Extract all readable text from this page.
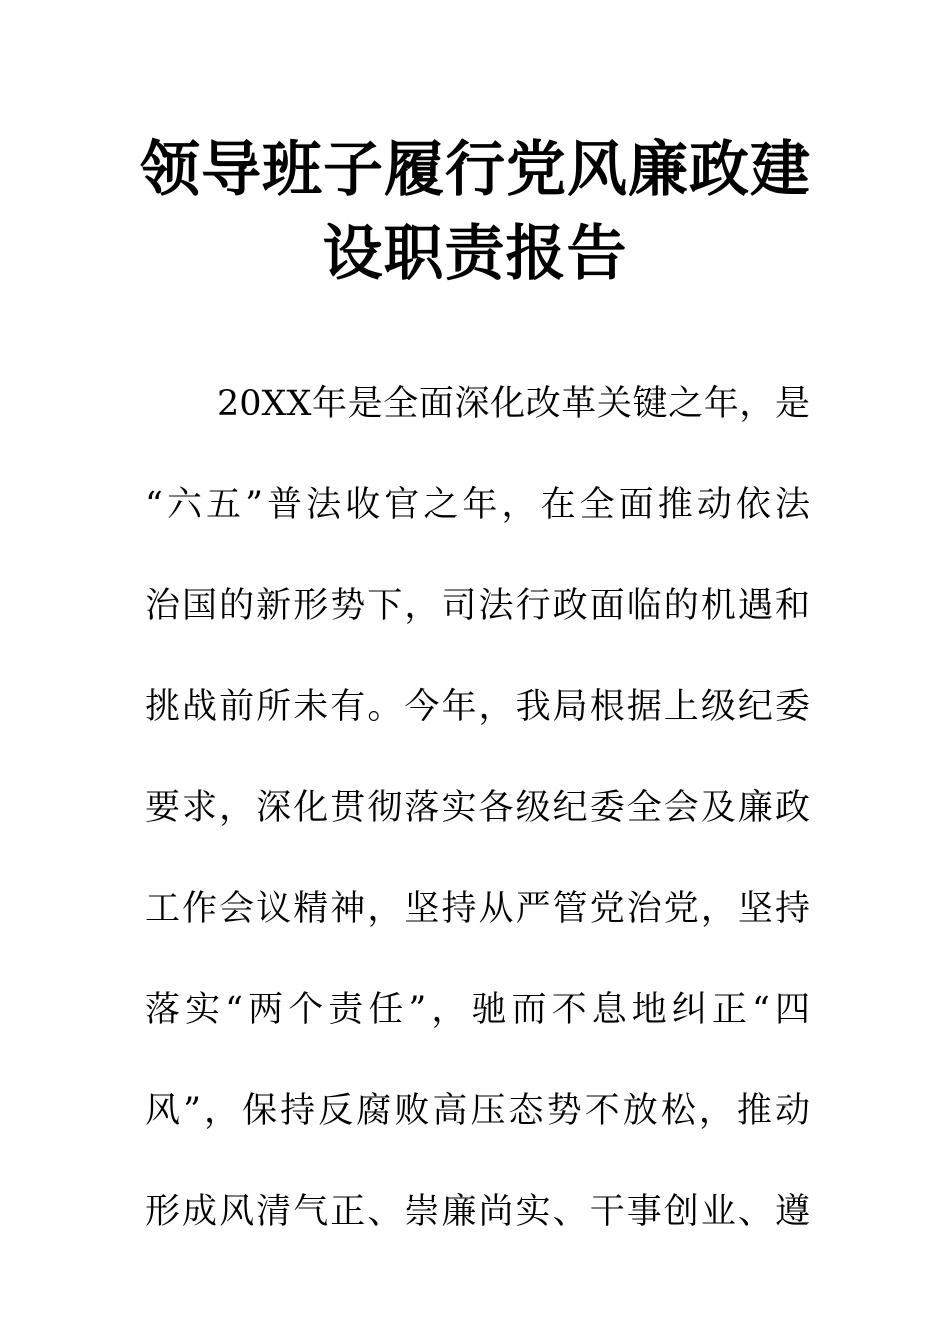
领导班子履行党风廉政建
设职责报告
20XX年是全面深化改革关键之年，是
“六五”普法收官之年，在全面推动依法
治国的新形势下，司法行政面临的机遇和
挑战前所未有。今年，我局根据上级纪委
要求，深化贯彻落实各级纪委全会及廉政
工作会议精神，坚持从严管党治党，坚持
落实“两个责任”，驰而不息地纠正“四
风”，保持反腐败高压态势不放松，推动
形成风清气正、崇廉尚实、干事创业、遵
